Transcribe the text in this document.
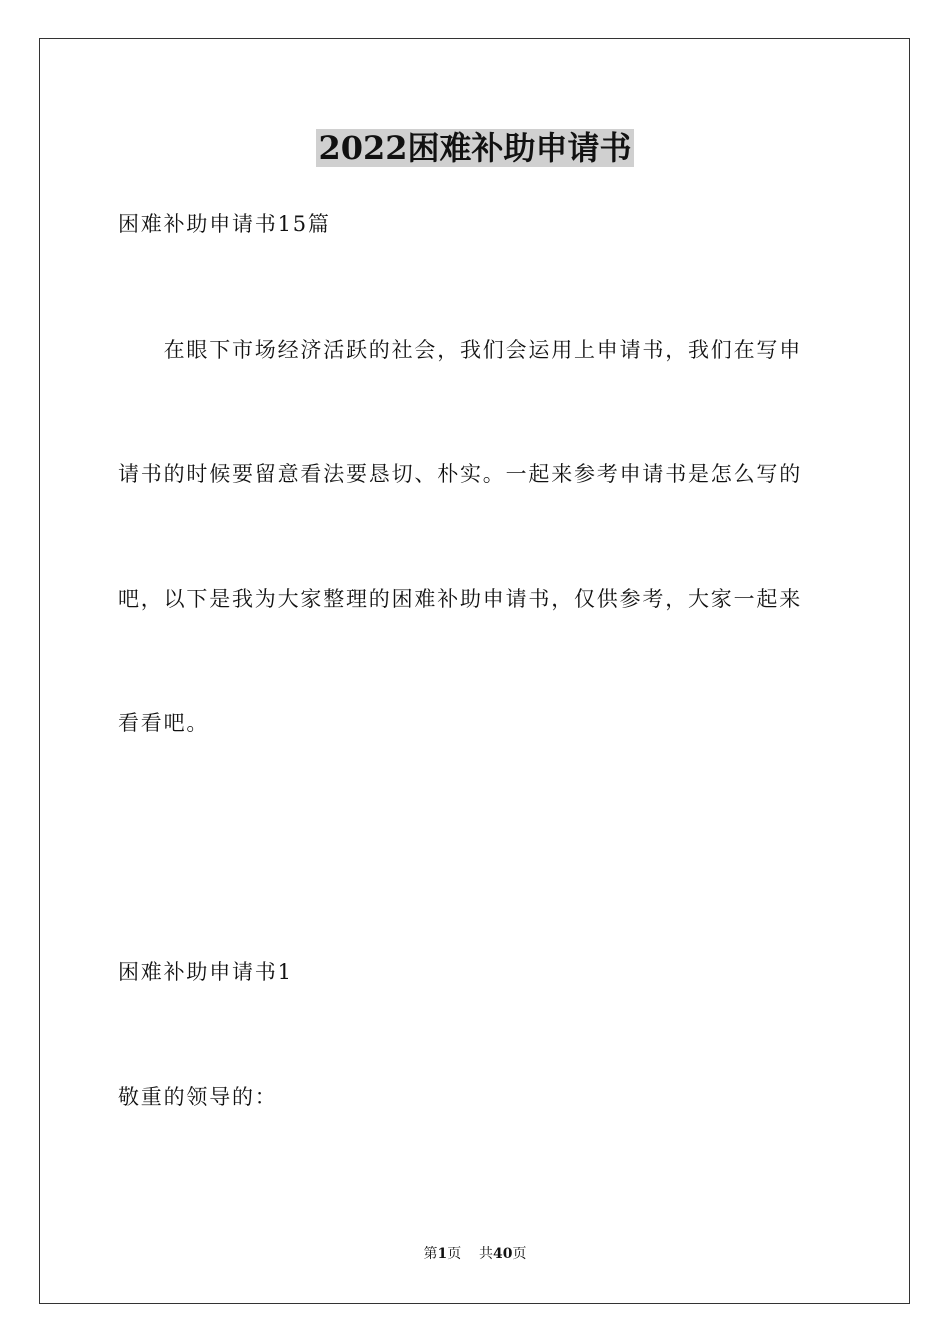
2022困难补助申请书
困难补助申请书15篇
　　在眼下市场经济活跃的社会，我们会运用上申请书，我们在写申
请书的时候要留意看法要恳切、朴实。一起来参考申请书是怎么写的
吧，以下是我为大家整理的困难补助申请书，仅供参考，大家一起来
看看吧。
困难补助申请书1
敬重的领导的：
第1页 共40页
